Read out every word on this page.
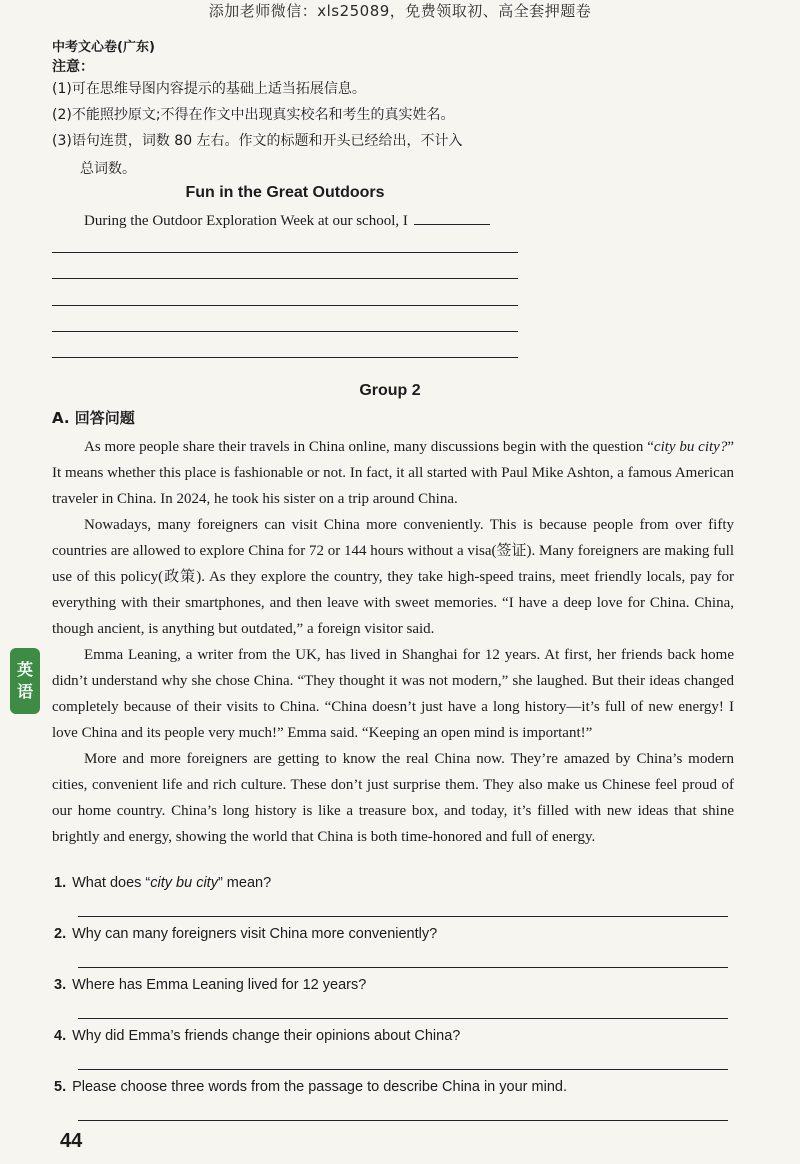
添加老师微信：xls25089，免费领取初、高全套押题卷
中考文心卷(广东)
注意：
(1)可在思维导图内容提示的基础上适当拓展信息。
(2)不能照抄原文;不得在作文中出现真实校名和考生的真实姓名。
(3)语句连贯，词数 80 左右。作文的标题和开头已经给出，不计入
总词数。
Fun in the Great Outdoors
During the Outdoor Exploration Week at our school, I
Group 2
A. 回答问题

As more people share their travels in China online, many discussions begin with the question “city bu city?” It means whether this place is fashionable or not. In fact, it all started with Paul Mike Ashton, a famous American traveler in China. In 2024, he took his sister on a trip around China.

Nowadays, many foreigners can visit China more conveniently. This is because people from over fifty countries are allowed to explore China for 72 or 144 hours without a visa(签证). Many foreigners are making full use of this policy(政策). As they explore the country, they take high-speed trains, meet friendly locals, pay for everything with their smartphones, and then leave with sweet memories. “I have a deep love for China. China, though ancient, is anything but outdated,” a foreign visitor said.

Emma Leaning, a writer from the UK, has lived in Shanghai for 12 years. At first, her friends back home didn’t understand why she chose China. “They thought it was not modern,” she laughed. But their ideas changed completely because of their visits to China. “China doesn’t just have a long history—it’s full of new energy! I love China and its people very much!” Emma said. “Keeping an open mind is important!”

More and more foreigners are getting to know the real China now. They’re amazed by China’s modern cities, convenient life and rich culture. These don’t just surprise them. They also make us Chinese feel proud of our home country. China’s long history is like a treasure box, and today, it’s filled with new ideas that shine brightly and energy, showing the world that China is both time-honored and full of energy.

1. What does “city bu city” mean?
2. Why can many foreigners visit China more conveniently?
3. Where has Emma Leaning lived for 12 years?
4. Why did Emma’s friends change their opinions about China?
5. Please choose three words from the passage to describe China in your mind.
英
语
44
